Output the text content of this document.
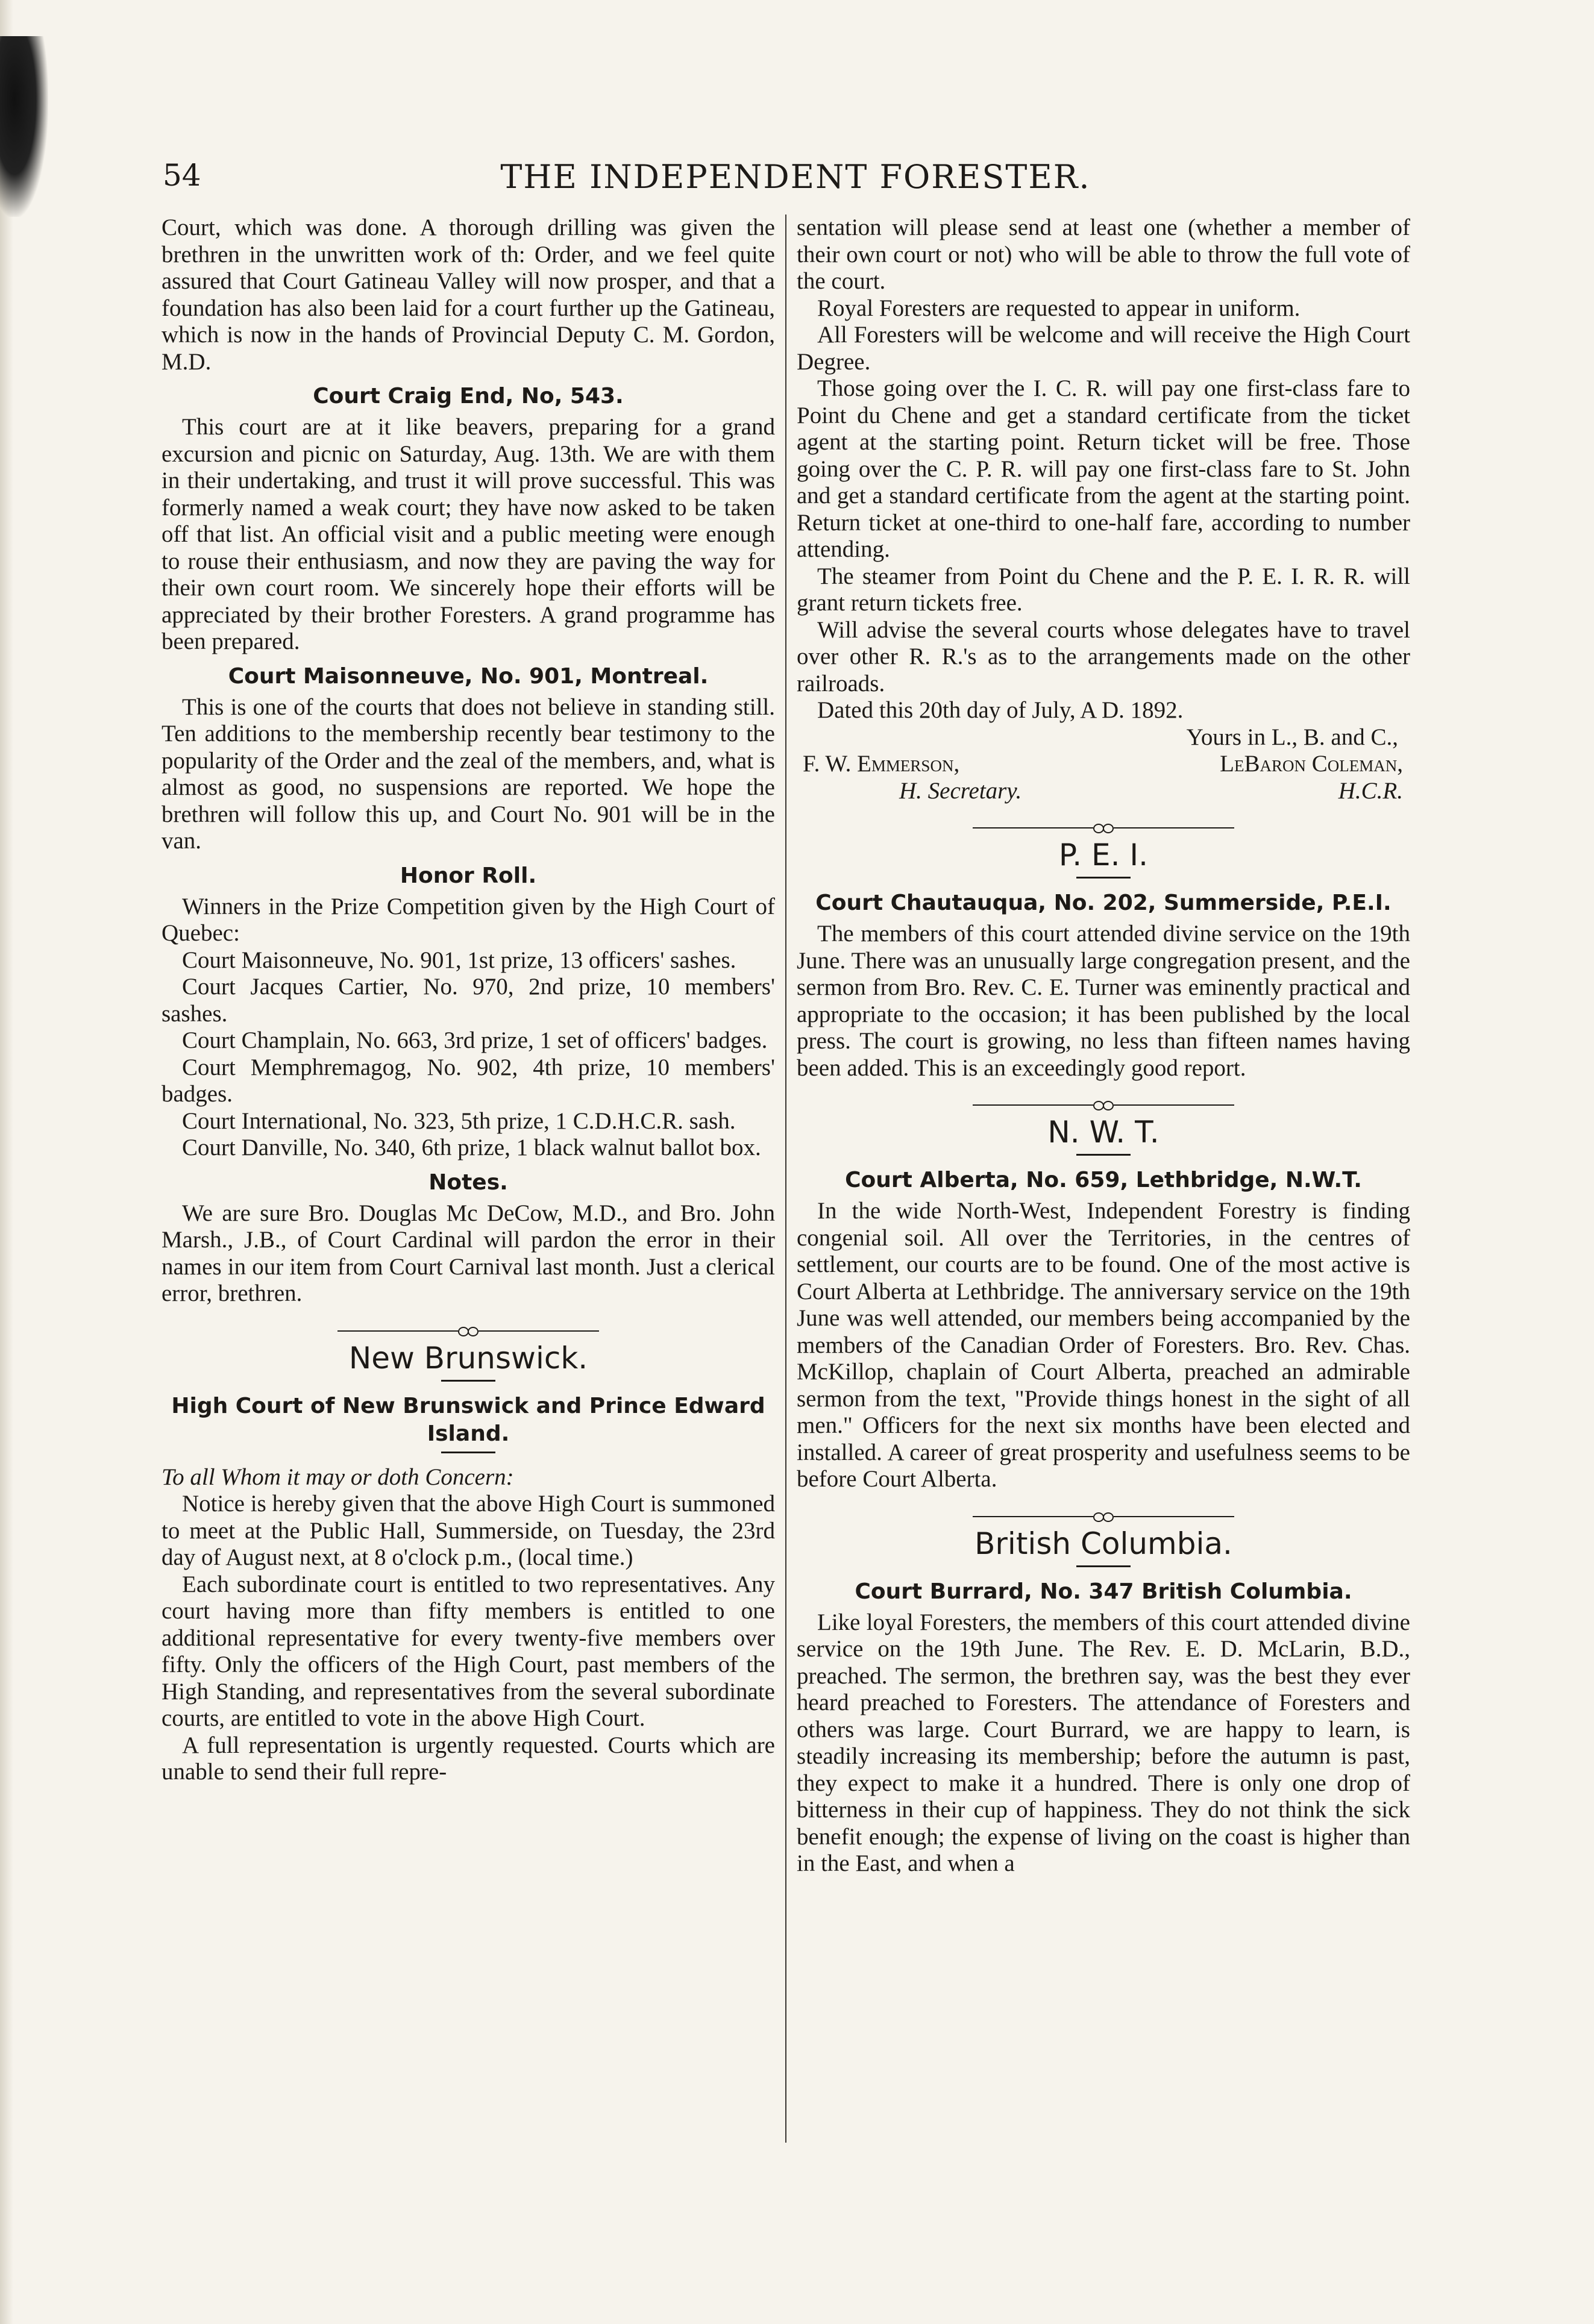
54	THE INDEPENDENT FORESTER.

Court, which was done. A thorough drilling was given the brethren in the unwritten work of th: Order, and we feel quite assured that Court Gatineau Valley will now prosper, and that a foundation has also been laid for a court further up the Gatineau, which is now in the hands of Provincial Deputy C. M. Gordon, M.D.

Court Craig End, No, 543.

This court are at it like beavers, preparing for a grand excursion and picnic on Saturday, Aug. 13th. We are with them in their undertaking, and trust it will prove successful. This was formerly named a weak court; they have now asked to be taken off that list. An official visit and a public meeting were enough to rouse their enthusiasm, and now they are paving the way for their own court room. We sincerely hope their efforts will be appreciated by their brother Foresters. A grand programme has been prepared.

Court Maisonneuve, No. 901, Montreal.

This is one of the courts that does not believe in standing still. Ten additions to the membership recently bear testimony to the popularity of the Order and the zeal of the members, and, what is almost as good, no suspensions are reported. We hope the brethren will follow this up, and Court No. 901 will be in the van.

Honor Roll.

Winners in the Prize Competition given by the High Court of Quebec:

Court Maisonneuve, No. 901, 1st prize, 13 officers' sashes.

Court Jacques Cartier, No. 970, 2nd prize, 10 members' sashes.

Court Champlain, No. 663, 3rd prize, 1 set of officers' badges.

Court Memphremagog, No. 902, 4th prize, 10 members' badges.

Court International, No. 323, 5th prize, 1 C.D.H.C.R. sash.

Court Danville, No. 340, 6th prize, 1 black walnut ballot box.

Notes.

We are sure Bro. Douglas Mc DeCow, M.D., and Bro. John Marsh., J.B., of Court Cardinal will pardon the error in their names in our item from Court Carnival last month. Just a clerical error, brethren.

New Brunswick.
High Court of New Brunswick and Prince Edward Island.

To all Whom it may or doth Concern:

Notice is hereby given that the above High Court is summoned to meet at the Public Hall, Summerside, on Tuesday, the 23rd day of August next, at 8 o'clock p.m., (local time.)

Each subordinate court is entitled to two representatives. Any court having more than fifty members is entitled to one additional representative for every twenty-five members over fifty. Only the officers of the High Court, past members of the High Standing, and representatives from the several subordinate courts, are entitled to vote in the above High Court.

A full representation is urgently requested. Courts which are unable to send their full repre-

sentation will please send at least one (whether a member of their own court or not) who will be able to throw the full vote of the court.

Royal Foresters are requested to appear in uniform.

All Foresters will be welcome and will receive the High Court Degree.

Those going over the I. C. R. will pay one first-class fare to Point du Chene and get a standard certificate from the ticket agent at the starting point. Return ticket will be free. Those going over the C. P. R. will pay one first-class fare to St. John and get a standard certificate from the agent at the starting point. Return ticket at one-third to one-half fare, according to number attending.

The steamer from Point du Chene and the P. E. I. R. R. will grant return tickets free.

Will advise the several courts whose delegates have to travel over other R. R.'s as to the arrangements made on the other railroads.

Dated this 20th day of July, A D. 1892.

Yours in L., B. and C.,
F. W. Emmerson,	LeBaron Coleman,
H. Secretary.	H.C.R.
P. E. I.
Court Chautauqua, No. 202, Summerside, P.E.I.

The members of this court attended divine service on the 19th June. There was an unusually large congregation present, and the sermon from Bro. Rev. C. E. Turner was eminently practical and appropriate to the occasion; it has been published by the local press. The court is growing, no less than fifteen names having been added. This is an exceedingly good report.

N. W. T.
Court Alberta, No. 659, Lethbridge, N.W.T.

In the wide North-West, Independent Forestry is finding congenial soil. All over the Territories, in the centres of settlement, our courts are to be found. One of the most active is Court Alberta at Lethbridge. The anniversary service on the 19th June was well attended, our members being accompanied by the members of the Canadian Order of Foresters. Bro. Rev. Chas. McKillop, chaplain of Court Alberta, preached an admirable sermon from the text, "Provide things honest in the sight of all men." Officers for the next six months have been elected and installed. A career of great prosperity and usefulness seems to be before Court Alberta.

British Columbia.
Court Burrard, No. 347 British Columbia.

Like loyal Foresters, the members of this court attended divine service on the 19th June. The Rev. E. D. McLarin, B.D., preached. The sermon, the brethren say, was the best they ever heard preached to Foresters. The attendance of Foresters and others was large. Court Burrard, we are happy to learn, is steadily increasing its membership; before the autumn is past, they expect to make it a hundred. There is only one drop of bitterness in their cup of happiness. They do not think the sick benefit enough; the expense of living on the coast is higher than in the East, and when a
